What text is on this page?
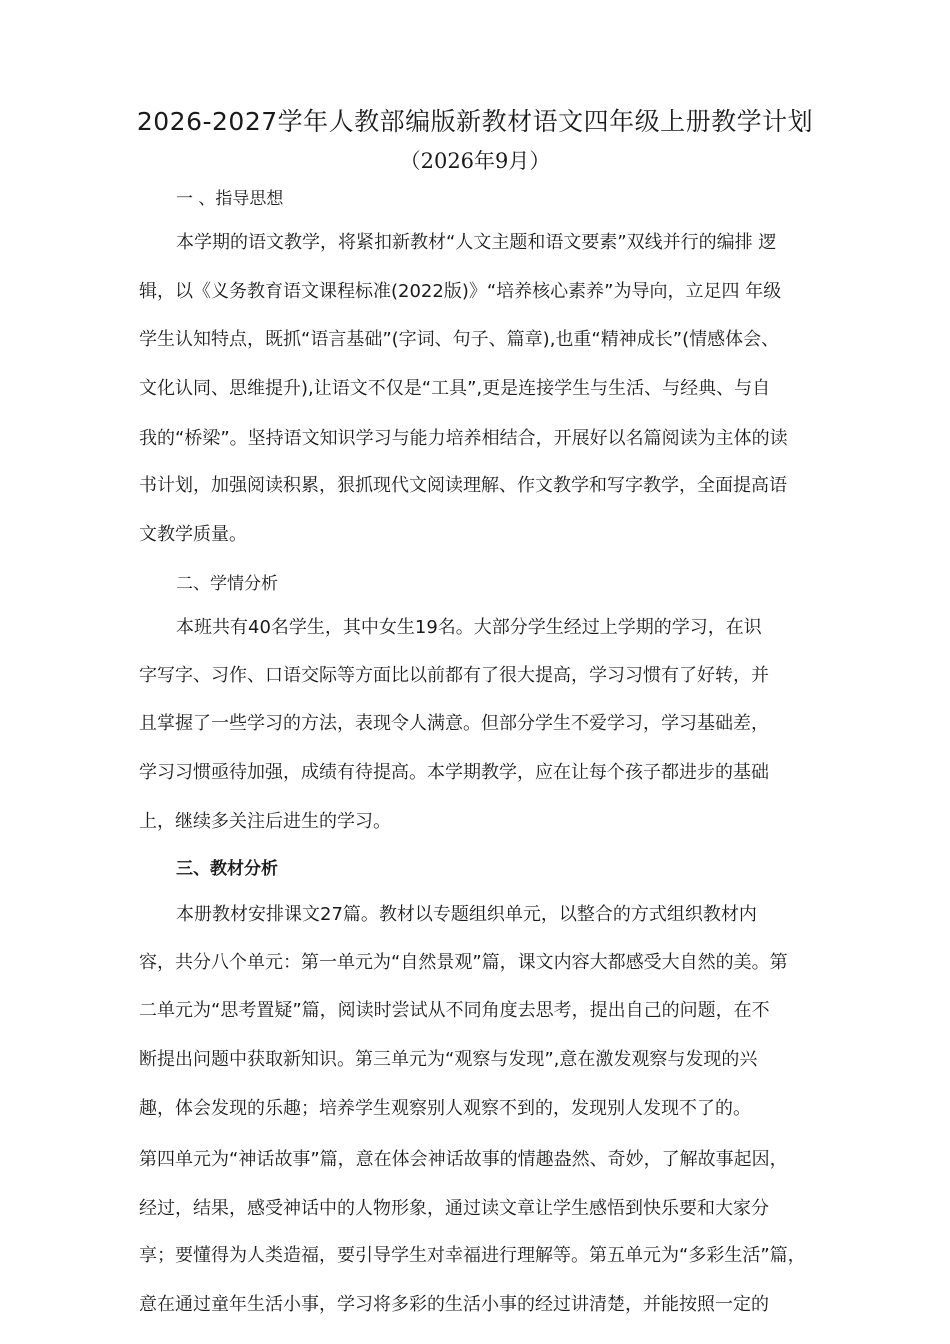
2026-2027学年人教部编版新教材语文四年级上册教学计划
（2026年9月）
一 、指导思想
本学期的语文教学，将紧扣新教材“人文主题和语文要素”双线并行的编排 逻
辑，以《义务教育语文课程标准(2022版)》“培养核心素养”为导向，立足四 年级
学生认知特点，既抓“语言基础”(字词、句子、篇章),也重“精神成长”(情感体会、
文化认同、思维提升),让语文不仅是“工具”,更是连接学生与生活、与经典、与自
我的“桥梁”。坚持语文知识学习与能力培养相结合，开展好以名篇阅读为主体的读
书计划，加强阅读积累，狠抓现代文阅读理解、作文教学和写字教学，全面提高语
文教学质量。
二、学情分析
本班共有40名学生，其中女生19名。大部分学生经过上学期的学习，在识
字写字、习作、口语交际等方面比以前都有了很大提高，学习习惯有了好转，并
且掌握了一些学习的方法，表现令人满意。但部分学生不爱学习，学习基础差，
学习习惯亟待加强，成绩有待提高。本学期教学，应在让每个孩子都进步的基础
上，继续多关注后进生的学习。
三、教材分析
本册教材安排课文27篇。教材以专题组织单元，以整合的方式组织教材内
容，共分八个单元：第一单元为“自然景观”篇，课文内容大都感受大自然的美。第
二单元为“思考置疑”篇，阅读时尝试从不同角度去思考，提出自己的问题，在不
断提出问题中获取新知识。第三单元为“观察与发现”,意在激发观察与发现的兴
趣，体会发现的乐趣；培养学生观察别人观察不到的，发现别人发现不了的。
第四单元为“神话故事”篇，意在体会神话故事的情趣盎然、奇妙，了解故事起因，
经过，结果，感受神话中的人物形象，通过读文章让学生感悟到快乐要和大家分
享；要懂得为人类造福，要引导学生对幸福进行理解等。第五单元为“多彩生活”篇，
意在通过童年生活小事，学习将多彩的生活小事的经过讲清楚，并能按照一定的
